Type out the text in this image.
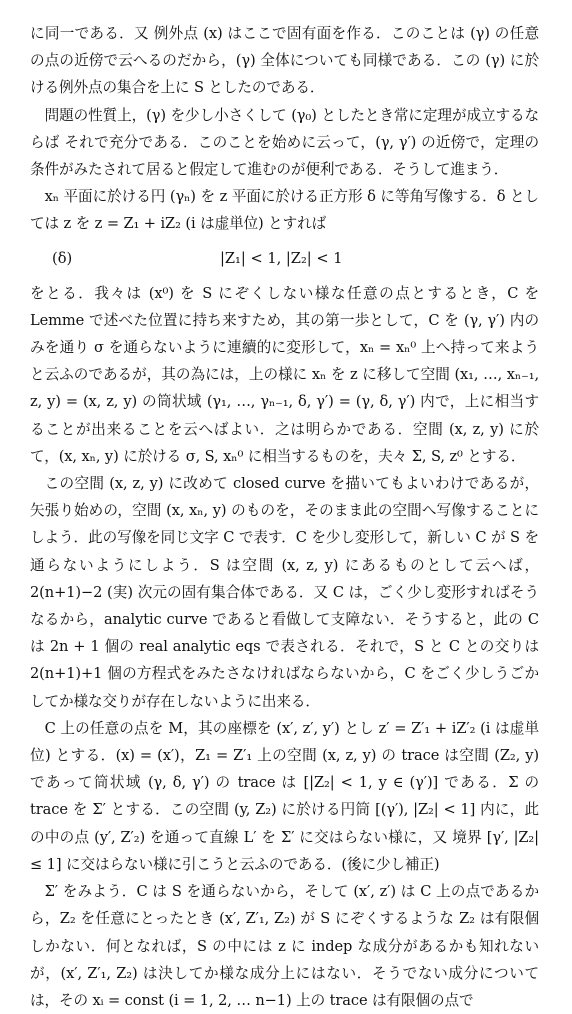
に同一である．又 例外点 (x) はここで固有面を作る．このことは (γ) の任意の点の近傍で云へるのだから，(γ) 全体についても同様である．この (γ) に於ける例外点の集合を上に S としたのである．

問題の性質上，(γ) を少し小さくして (γ₀) としたとき常に定理が成立するならば それで充分である．このことを始めに云って，(γ, γ′) の近傍で，定理の条件がみたされて居ると假定して進むのが便利である．そうして進まう．

xₙ 平面に於ける円 (γₙ) を z 平面に於ける正方形 δ に等角写像する．δ としては z を z = Z₁ + iZ₂ (i は虚単位) とすれば

(δ)	|Z₁| < 1, |Z₂| < 1

をとる．我々は (x⁰) を S にぞくしない様な任意の点とするとき，C を Lemme で述べた位置に持ち来すため，其の第一歩として，C を (γ, γ′) 内のみを通り σ を通らないように連續的に変形して，xₙ = xₙ⁰ 上へ持って来ようと云ふのであるが，其の為には，上の様に xₙ を z に移して空間 (x₁, …, xₙ₋₁, z, y) = (x, z, y) の筒状域 (γ₁, …, γₙ₋₁, δ, γ′) = (γ, δ, γ′) 内で，上に相当することが出来ることを云へばよい．之は明らかである．空間 (x, z, y) に於て，(x, xₙ, y) に於ける σ, S, xₙ⁰ に相当するものを，夫々 Σ, S, z⁰ とする．

この空間 (x, z, y) に改めて closed curve を描いてもよいわけであるが，矢張り始めの，空間 (x, xₙ, y) のものを，そのまま此の空間へ写像することにしよう．此の写像を同じ文字 C で表す．C を少し変形して，新しい C が S を通らないようにしよう．S は空間 (x, z, y) にあるものとして云へば，2(n+1)−2 (実) 次元の固有集合体である．又 C は，ごく少し変形すればそうなるから，analytic curve であると看做して支障ない．そうすると，此の C は 2n + 1 個の real analytic eqs で表される．それで，S と C との交りは 2(n+1)+1 個の方程式をみたさなければならないから，C をごく少しうごかしてか様な交りが存在しないように出来る．

C 上の任意の点を M，其の座標を (x′, z′, y′) とし z′ = Z′₁ + iZ′₂ (i は虚単位) とする．(x) = (x′)，Z₁ = Z′₁ 上の空間 (x, z, y) の trace は空間 (Z₂, y) であって筒状域 (γ, δ, γ′) の trace は [|Z₂| < 1, y ∈ (γ′)] である．Σ の trace を Σ′ とする．この空間 (y, Z₂) に於ける円筒 [(γ′), |Z₂| < 1] 内に，此の中の点 (y′, Z′₂) を通って直線 L′ を Σ′ に交はらない様に，又 境界 [γ′, |Z₂| ≤ 1] に交はらない様に引こうと云ふのである．(後に少し補正)

Σ′ をみよう．C は S を通らないから，そして (x′, z′) は C 上の点であるから，Z₂ を任意にとったとき (x′, Z′₁, Z₂) が S にぞくするような Z₂ は有限個しかない．何となれば，S の中には z に indep な成分があるかも知れないが，(x′, Z′₁, Z₂) は決してか様な成分上にはない．そうでない成分については，その xᵢ = const (i = 1, 2, … n−1) 上の trace は有限個の点で
